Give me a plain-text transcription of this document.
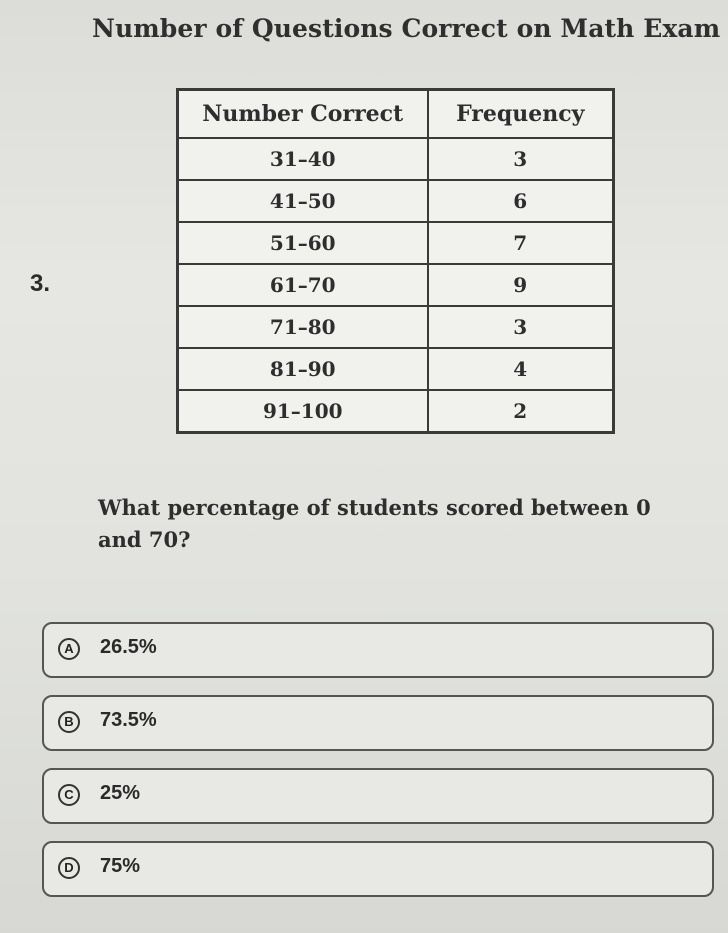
Number of Questions Correct on Math Exam
3.
Number Correct	Frequency
31–40	3
41–50	6
51–60	7
61–70	9
71–80	3
81–90	4
91–100	2
What percentage of students scored between 0 and 70?
A	26.5%
B	73.5%
C	25%
D	75%
